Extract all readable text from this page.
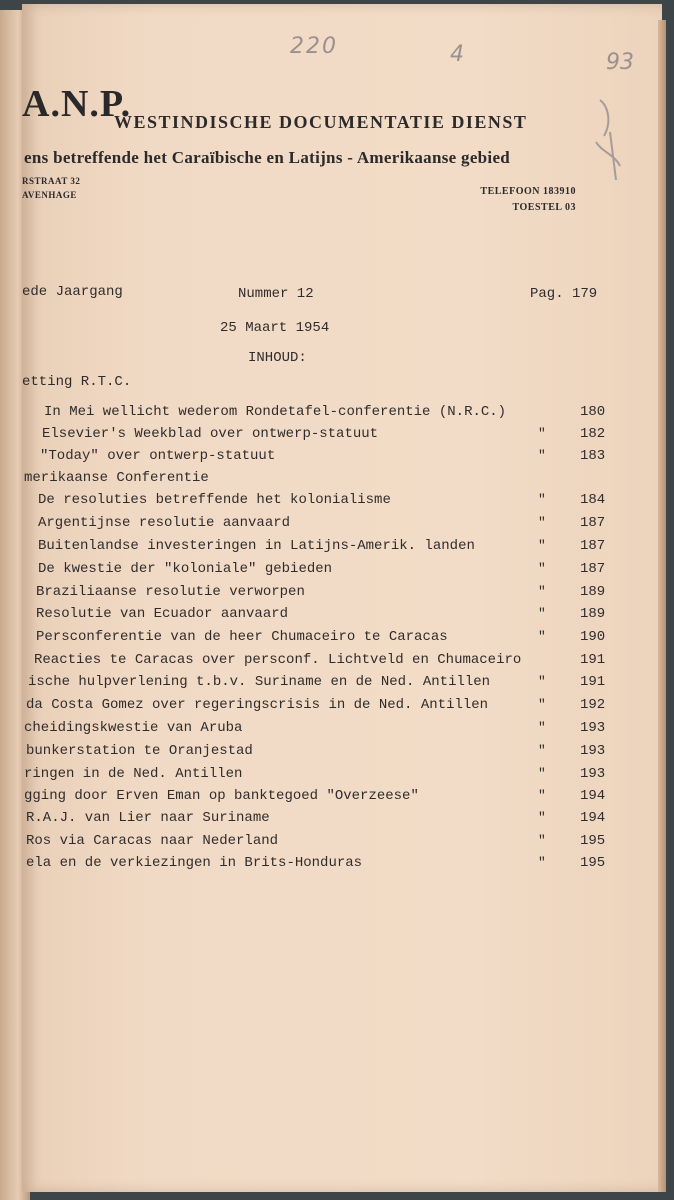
220	4	93
A.N.P.
WESTINDISCHE DOCUMENTATIE DIENST
ens betreffende het Caraïbische en Latijns - Amerikaanse gebied
RSTRAAT 32
AVENHAGE	TELEFOON 183910
TOESTEL 03
ede Jaargang	Nummer 12	Pag. 179
25 Maart 1954
INHOUD:
etting R.T.C.
In Mei wellicht wederom Rondetafel-conferentie (N.R.C.)	180
Elsevier's Weekblad over ontwerp-statuut	" 182
"Today" over ontwerp-statuut	" 183
merikaanse Conferentie
De resoluties betreffende het kolonialisme	" 184
Argentijnse resolutie aanvaard	" 187
Buitenlandse investeringen in Latijns-Amerik. landen	" 187
De kwestie der "koloniale" gebieden	" 187
Braziliaanse resolutie verworpen	" 189
Resolutie van Ecuador aanvaard	" 189
Persconferentie van de heer Chumaceiro te Caracas	" 190
Reacties te Caracas over persconf. Lichtveld en Chumaceiro	191
ische hulpverlening t.b.v. Suriname en de Ned. Antillen	" 191
da Costa Gomez over regeringscrisis in de Ned. Antillen	" 192
cheidingskwestie van Aruba	" 193
bunkerstation te Oranjestad	" 193
ringen in de Ned. Antillen	" 193
gging door Erven Eman op banktegoed "Overzeese"	" 194
R.A.J. van Lier naar Suriname	" 194
Ros via Caracas naar Nederland	" 195
ela en de verkiezingen in Brits-Honduras	" 195
